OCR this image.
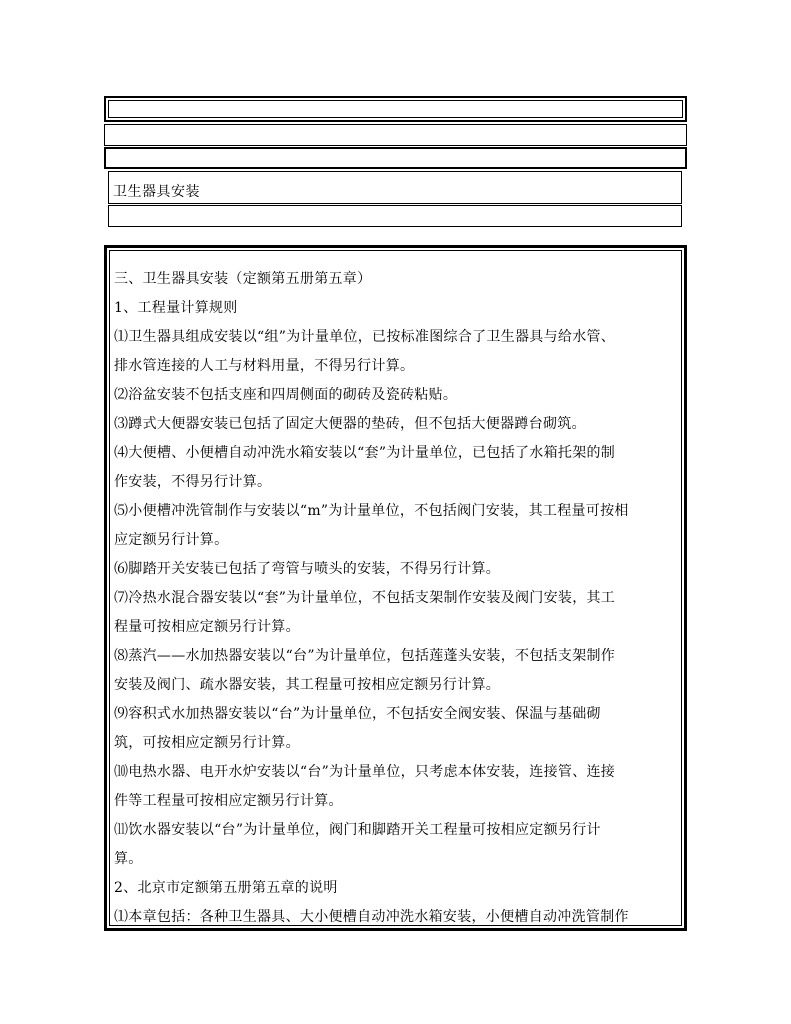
卫生器具安装

三、卫生器具安装（定额第五册第五章）

1、工程量计算规则

⑴卫生器具组成安装以“组”为计量单位，已按标准图综合了卫生器具与给水管、

排水管连接的人工与材料用量，不得另行计算。

⑵浴盆安装不包括支座和四周侧面的砌砖及瓷砖粘贴。

⑶蹲式大便器安装已包括了固定大便器的垫砖，但不包括大便器蹲台砌筑。

⑷大便槽、小便槽自动冲洗水箱安装以“套”为计量单位，已包括了水箱托架的制

作安装，不得另行计算。

⑸小便槽冲洗管制作与安装以“m”为计量单位，不包括阀门安装，其工程量可按相

应定额另行计算。

⑹脚踏开关安装已包括了弯管与喷头的安装，不得另行计算。

⑺冷热水混合器安装以“套”为计量单位，不包括支架制作安装及阀门安装，其工

程量可按相应定额另行计算。

⑻蒸汽——水加热器安装以“台”为计量单位，包括莲蓬头安装，不包括支架制作

安装及阀门、疏水器安装，其工程量可按相应定额另行计算。

⑼容积式水加热器安装以“台”为计量单位，不包括安全阀安装、保温与基础砌

筑，可按相应定额另行计算。

⑽电热水器、电开水炉安装以“台”为计量单位，只考虑本体安装，连接管、连接

件等工程量可按相应定额另行计算。

⑾饮水器安装以“台”为计量单位，阀门和脚踏开关工程量可按相应定额另行计

算。

2、北京市定额第五册第五章的说明

⑴本章包括：各种卫生器具、大小便槽自动冲洗水箱安装，小便槽自动冲洗管制作
